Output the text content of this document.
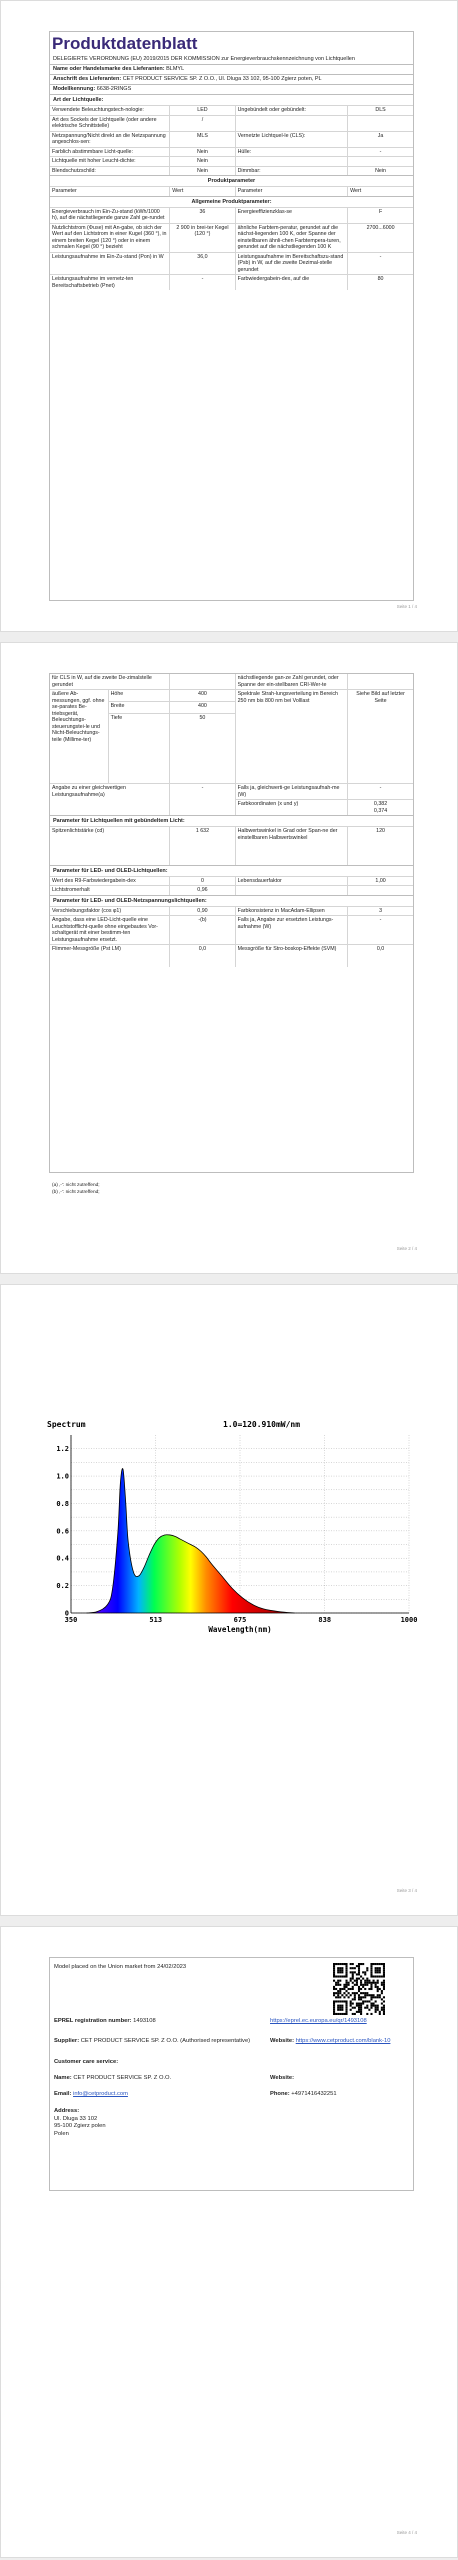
Produktdatenblatt
DELEGIERTE VERORDNUNG (EU) 2019/2015 DER KOMMISSION zur Energieverbrauchskennzeichnung von Lichtquellen
Name oder Handelsmarke des Lieferanten: BLMYL
Anschrift des Lieferanten: CET PRODUCT SERVICE SP. Z O.O., Ul. Dluga 33 102, 95-100 Zgierz poten, PL
Modellkennung: 6638-2RINGS
Art der Lichtquelle:
Verwendete Beleuchtungstech-nologie:	LED	Ungebündelt oder gebündelt:	DLS
Art des Sockels der Lichtquelle (oder andere elektrische Schnittstelle)	/		
Netzspannung/Nicht direkt an die Netzspannung angeschlos-sen:	MLS	Vernetzte Lichtquel-le (CLS):	Ja
Farblich abstimmbare Licht-quelle:	Nein	Hülle:	-
Lichtquelle mit hoher Leucht-dichte:	Nein		
Blendschutzschild:	Nein	Dimmbar:	Nein
Produktparameter
Parameter	Wert	Parameter	Wert
Allgemeine Produktparameter:
Energieverbrauch im Ein-Zu-stand (kWh/1000 h), auf die nächstliegende ganze Zahl ge-rundet	36	Energieeffizienzklas-se	F
Nutzlichtstrom (Φuse) mit An-gabe, ob sich der Wert auf den Lichtstrom in einer Kugel (360 °), in einem breiten Kegel (120 °) oder in einem schmalen Kegel (90 °) bezieht	2 900 in brei-ter Kegel (120 °)	ähnliche Farbtem-peratur, gerundet auf die nächst-liegenden 100 K, oder Spanne der einstellbaren ähnli-chen Farbtempera-turen, gerundet auf die nächstliegenden 100 K	2700...6000
Leistungsaufnahme im Ein-Zu-stand (Pon) in W	36,0	Leistungsaufnahme im Bereitschaftszu-stand (Psb) in W, auf die zweite Dezimal-stelle gerundet	-
Leistungsaufnahme im vernetz-ten Bereitschaftsbetrieb (Pnet)	-	Farbwiedergabein-dex, auf die	80
Seite 1 / 4
für CLS in W, auf die zweite De-zimalstelle gerundet			nächstliegende gan-ze Zahl gerundet, oder Spanne der ein-stellbaren CRI-Wer-te	
äußere Ab-messungen, ggf. ohne se-parates Be-triebsgerät, Beleuchtungs-steuerungstei-le und Nicht-Beleuchtungs-teile (Millime-ter)	Höhe	400	Spektrale Strah-lungsverteilung im Bereich 250 nm bis 800 nm bei Volllast	Siehe Bild auf letzter Seite
	Breite	400		
	Tiefe	50		
Angabe zu einer gleichwertigen Leistungsaufnahme(a)		-	Falls ja, gleichwerti-ge Leistungsaufnah-me (W)	-
			Farbkoordinaten (x und y)	0,382
0,374
Parameter für Lichtquellen mit gebündeltem Licht:
Spitzenlichtstärke (cd)	1 632	Halbwertswinkel in Grad oder Span-ne der einstellbaren Halbwertswinkel	120
Parameter für LED- und OLED-Lichtquellen:
Wert des R9-Farbwiedergabein-dex	0	Lebensdauerfaktor	1,00
Lichtstromerhalt	0,96		
Parameter für LED- und OLED-Netzspannungslichtquellen:
Verschiebungsfaktor (cos φ1)	0,90	Farbkonsistenz in MacAdam-Ellipsen	3
Angabe, dass eine LED-Licht-quelle eine Leuchtstofflicht-quelle ohne eingebautes Vor-schaltgerät mit einer bestimm-ten Leistungsaufnahme ersetzt.	-(b)	Falls ja, Angabe zur ersetzten Leistungs-aufnahme (W)	-
Flimmer-Messgröße (Pst LM)	0,0	Messgröße für Stro-boskop-Effekte (SVM)	0,0
(a) ‚-‘: nicht zutreffend;
(b) ‚-‘: nicht zutreffend;
Seite 2 / 4
0
0.2
0.4
0.6
0.8
1.0
1.2
350	513	675	838	1000
Spectrum	1.0=120.910mW/nm
Wavelength(nm)
Seite 3 / 4
Model placed on the Union market from 24/02/2023
EPREL registration number: 1493108	https://eprel.ec.europa.eu/qr/1493108
Supplier: CET PRODUCT SERVICE SP. Z O.O. (Authorised representative)	Website: https://www.cetproduct.com/blank-10
Customer care service:
Name: CET PRODUCT SERVICE SP. Z O.O.	Website:
Email: info@cetproduct.com	Phone: +4971416432251
Address:
Ul. Dluga 33 102
95-100 Zgierz polen
Polen
Seite 4 / 4
